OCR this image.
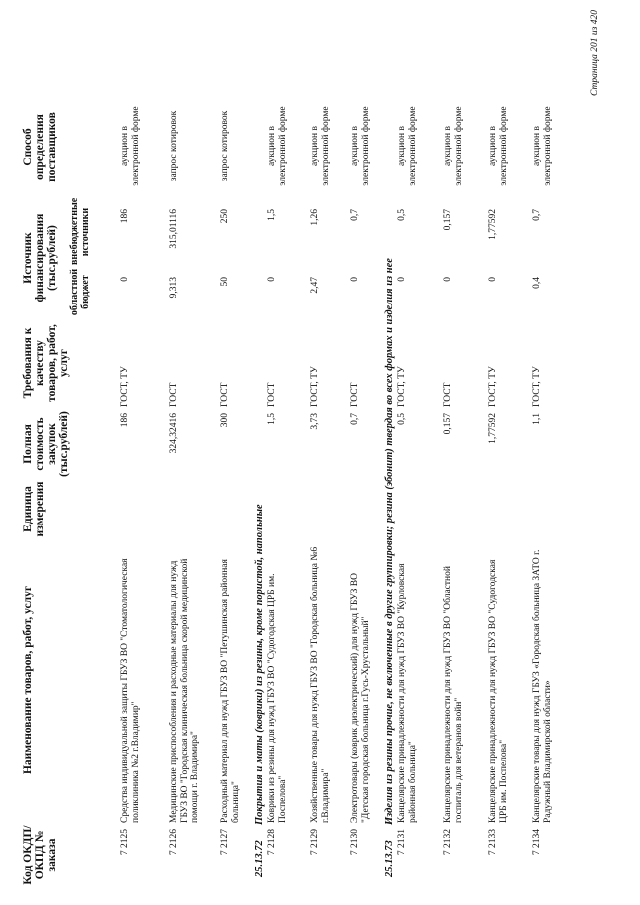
Код ОКДП/ ОКПД № заказа
Наименование товаров, работ, услуг
Единица измерения
Полная стоимость закупок (тыс.рублей)
Требования к качеству товаров, работ, услуг
Источник финансирования (тыс.рублей)
областной бюджет
внебюджетные источники
Способ определения поставщиков
7 2125
Средства индивидуальной защиты ГБУЗ ВО "Стоматологическая поликлиника №2 г.Владимир"
186
ГОСТ, ТУ
0
186
аукцион в электронной форме
7 2126
Медицинские приспособления и расходные материалы для нужд ГБУЗ ВО "Городская клиническая больница скорой медицинской помощи г. Владимира"
324,32416
ГОСТ
9,313
315,01116
запрос котировок
7 2127
Расходный материал для нужд ГБУЗ ВО "Петушинская районная больница"
300
ГОСТ
50
250
запрос котировок
25.13.72Покрытия и маты (коврики) из резины, кроме пористой, напольные
7 2128
Коврики из резины для нужд ГБУЗ ВО "Судогодская ЦРБ им. Поспелова"
1,5
ГОСТ
0
1,5
аукцион в электронной форме
7 2129
Хозяйственные товары для нужд ГБУЗ ВО "Городская больница №6 г.Владимира"
3,73
ГОСТ, ТУ
2,47
1,26
аукцион в электронной форме
7 2130
Электротовары (коврик диэлектрический) для нужд ГБУЗ ВО "Детская городская больница г.Гусь-Хрустальный"
0,7
ГОСТ
0
0,7
аукцион в электронной форме
25.13.73Изделия из резины прочие, не включенные в другие группировки; резина (эбонит) твердая во всех формах и изделия из нее
7 2131
Канцелярские принадлежности для нужд ГБУЗ ВО "Курловская районная больница"
0,5
ГОСТ, ТУ
0
0,5
аукцион в электронной форме
7 2132
Канцелярские принадлежности для нужд ГБУЗ ВО "Областной госпиталь для ветеранов войн"
0,157
ГОСТ
0
0,157
аукцион в электронной форме
7 2133
Канцелярские принадлежности для нужд ГБУЗ ВО "Судогодская ЦРБ им. Поспелова"
1,77592
ГОСТ, ТУ
0
1,77592
аукцион в электронной форме
7 2134
Канцелярские товары для нужд ГБУЗ «Городская больница ЗАТО г. Радужный Владимирской области»
1,1
ГОСТ, ТУ
0,4
0,7
аукцион в электронной форме
Страница 201 из 420
